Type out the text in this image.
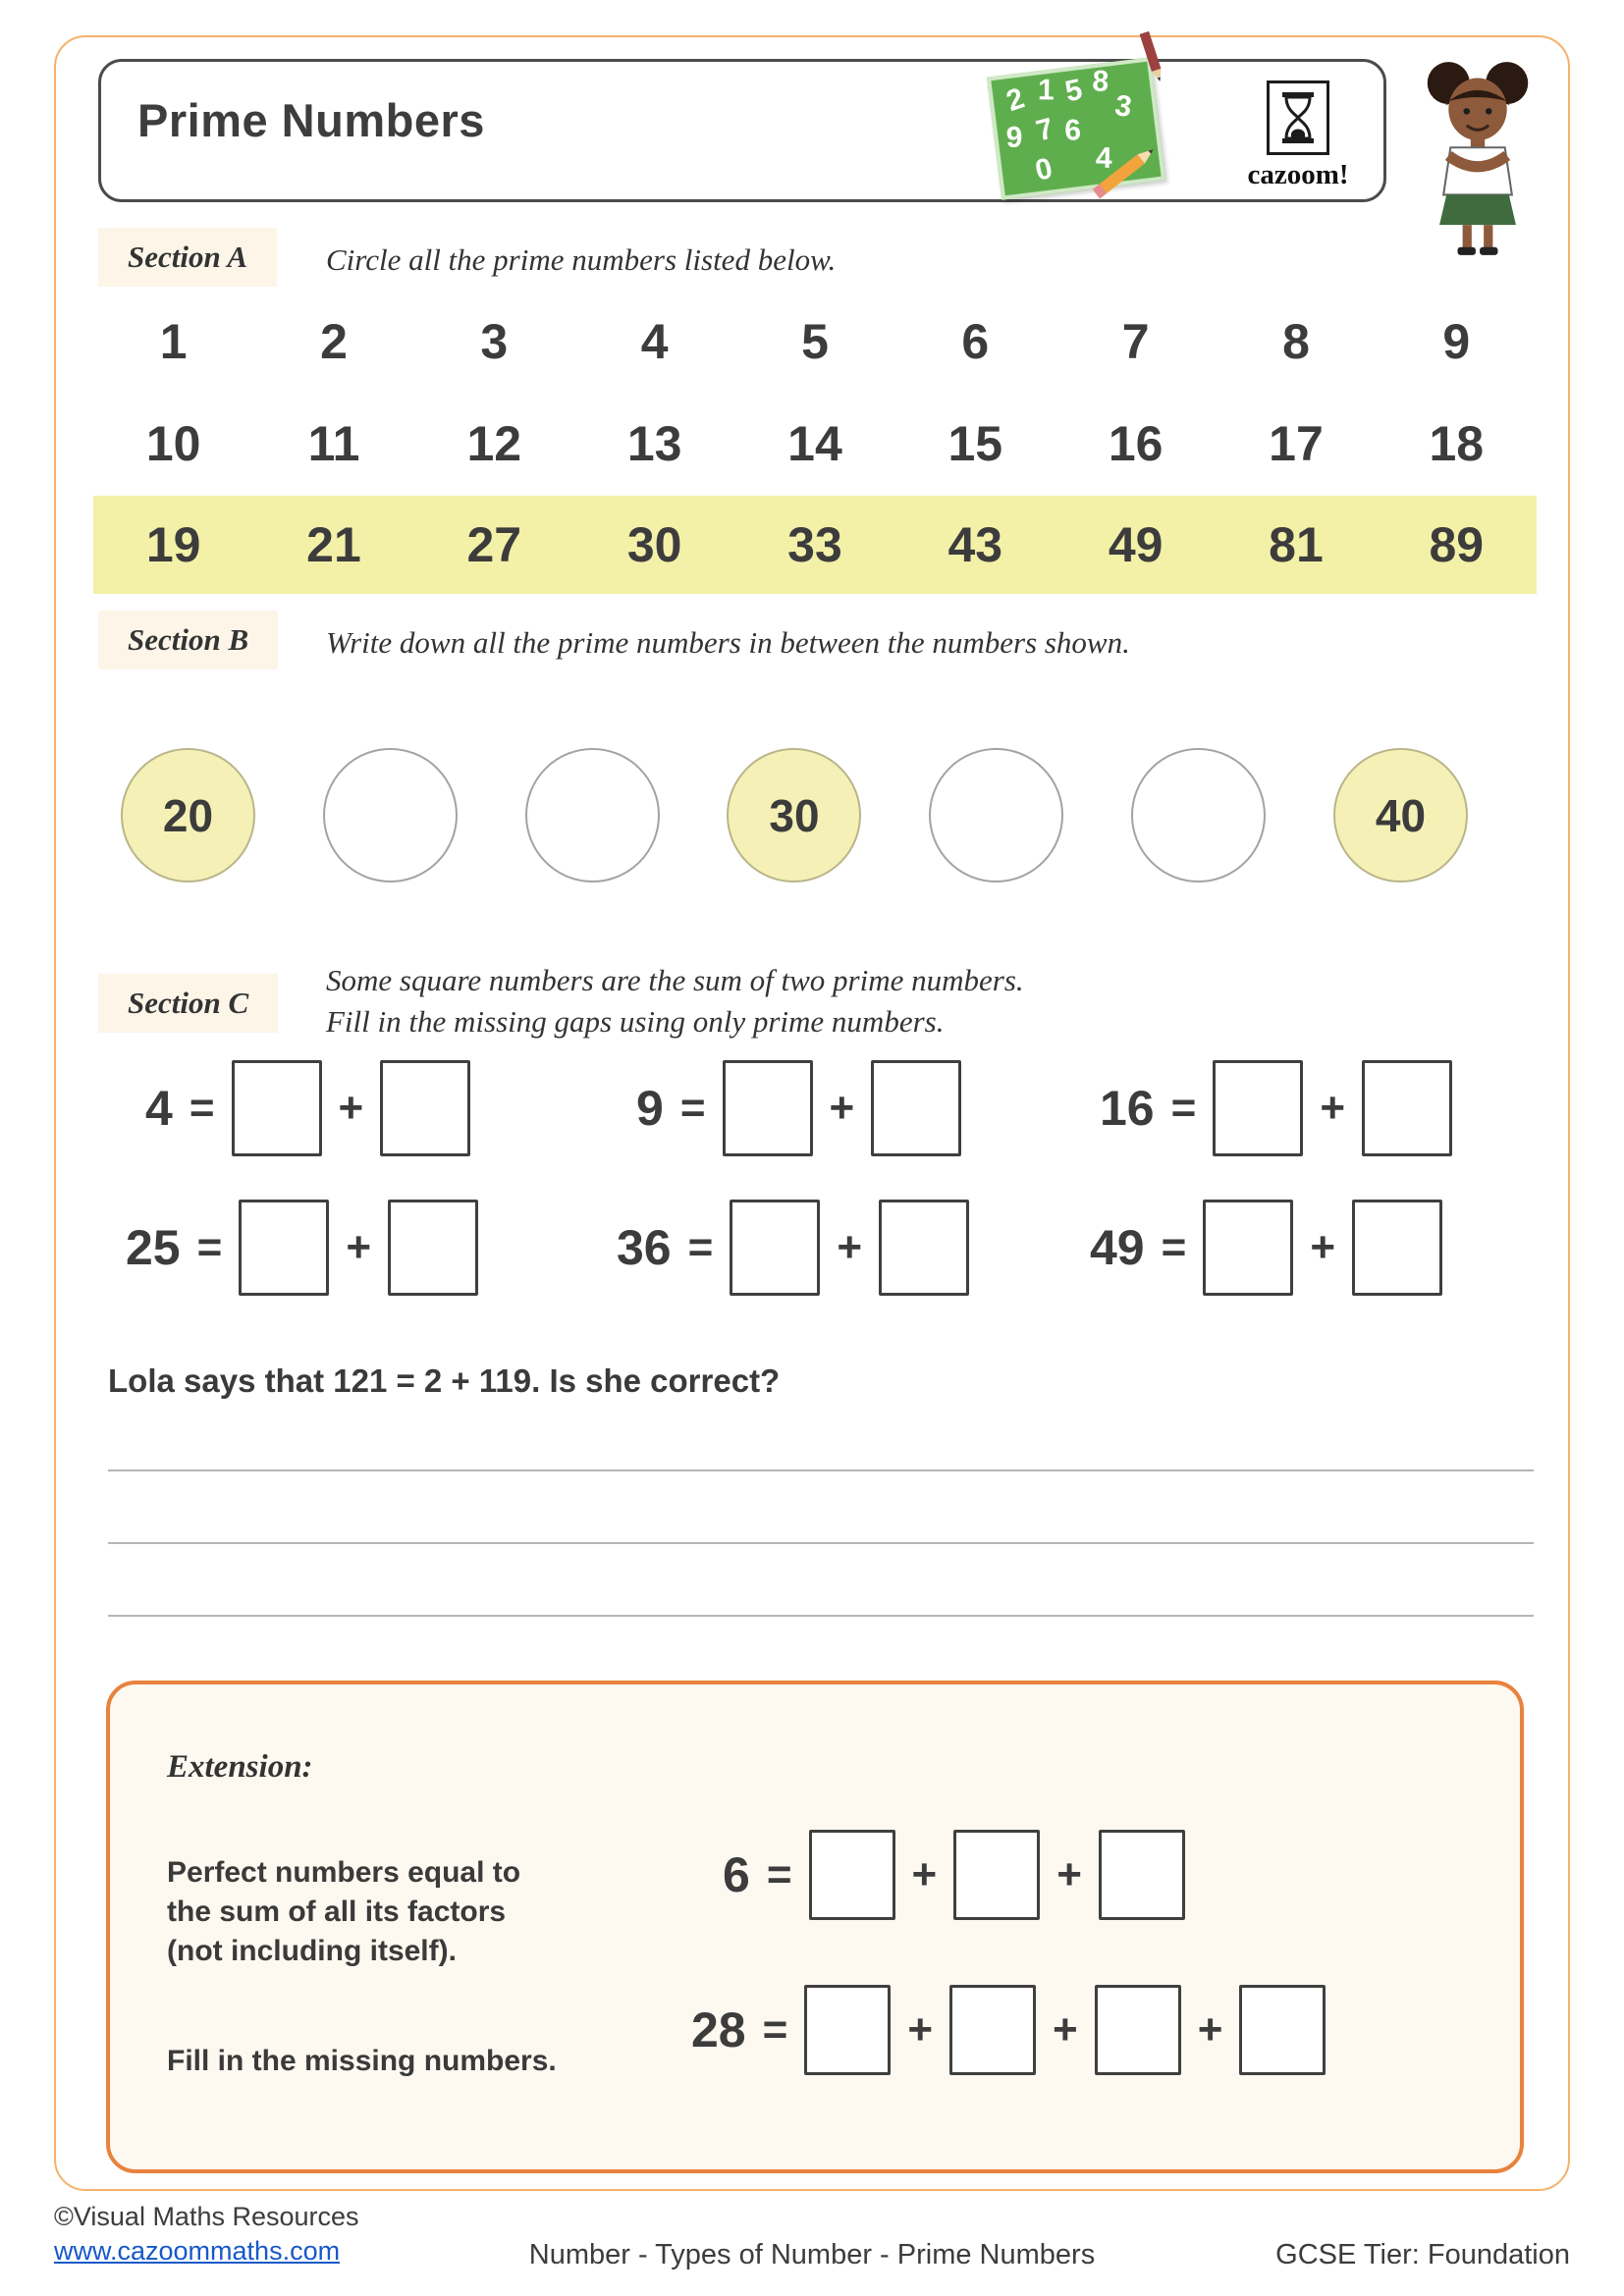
Prime Numbers	2 1 5 8
9 7 6
3
0 4
cazoom!
Section A	Circle all the prime numbers listed below.
1	2	3	4	5	6	7	8	9
10	11	12	13	14	15	16	17	18
19	21	27	30	33	43	49	81	89
Section B	Write down all the prime numbers in between the numbers shown.
20	30	40
Section C
Some square numbers are the sum of two prime numbers.
Fill in the missing gaps using only prime numbers.
4 =	+	9 =	+	16 =	+
25 =	+	36 =	+	49 =	+
Lola says that 121 = 2 + 119. Is she correct?
Extension:
Perfect numbers equal to
the sum of all its factors
(not including itself).
Fill in the missing numbers.
6 =	+	+
28 =	+	+	+
©Visual Maths Resources
www.cazoommaths.com	Number - Types of Number - Prime Numbers	GCSE Tier: Foundation
